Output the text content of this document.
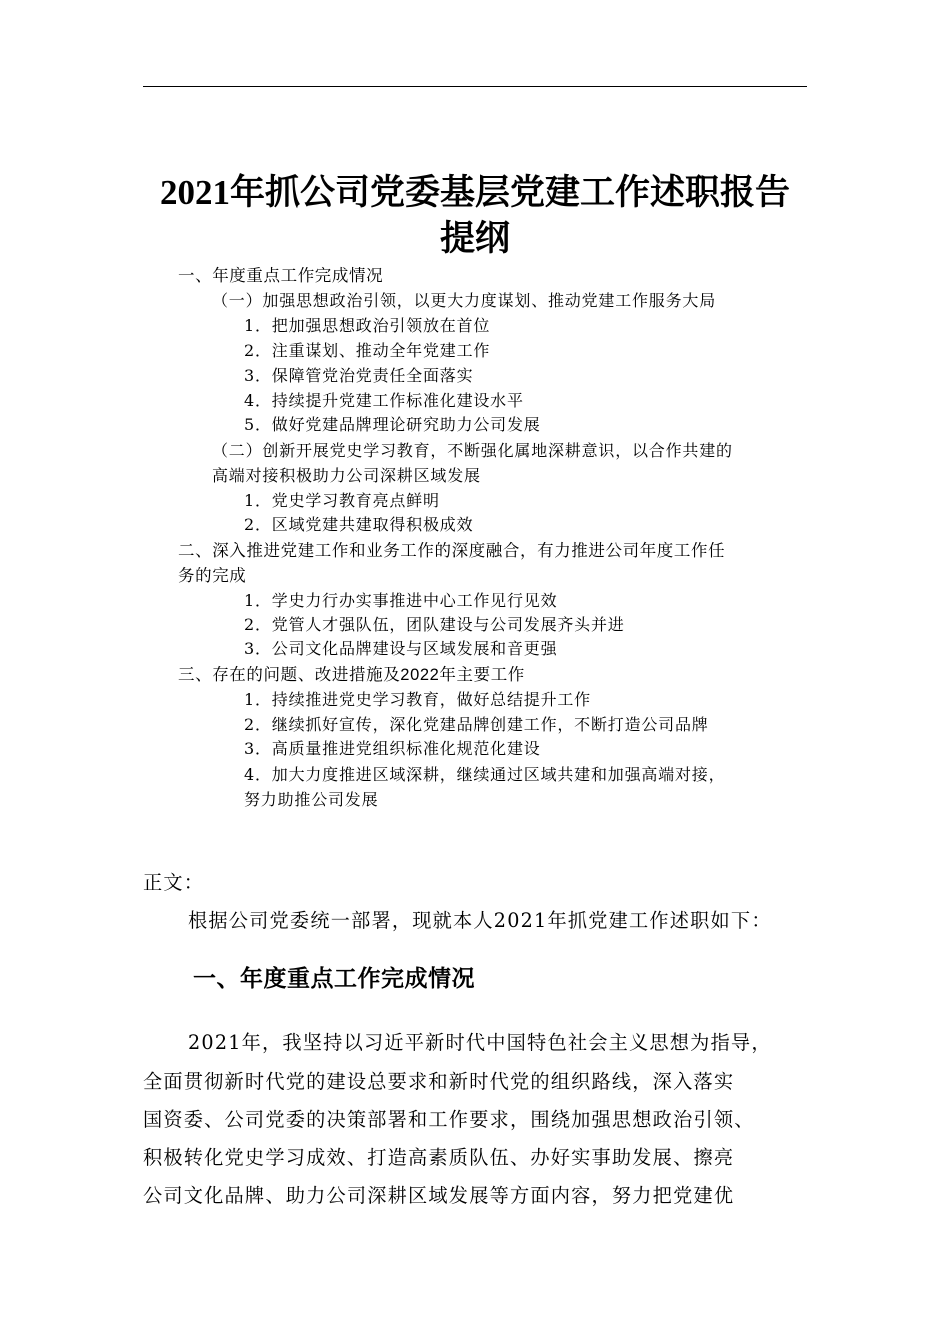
2021年抓公司党委基层党建工作述职报告
提纲
一、年度重点工作完成情况
（一）加强思想政治引领，以更大力度谋划、推动党建工作服务大局
1．把加强思想政治引领放在首位
2．注重谋划、推动全年党建工作
3．保障管党治党责任全面落实
4．持续提升党建工作标准化建设水平
5．做好党建品牌理论研究助力公司发展
（二）创新开展党史学习教育，不断强化属地深耕意识，以合作共建的
高端对接积极助力公司深耕区域发展
1．党史学习教育亮点鲜明
2．区域党建共建取得积极成效
二、深入推进党建工作和业务工作的深度融合，有力推进公司年度工作任
务的完成
1．学史力行办实事推进中心工作见行见效
2．党管人才强队伍，团队建设与公司发展齐头并进
3．公司文化品牌建设与区域发展和音更强
三、存在的问题、改进措施及2022年主要工作
1．持续推进党史学习教育，做好总结提升工作
2．继续抓好宣传，深化党建品牌创建工作，不断打造公司品牌
3．高质量推进党组织标准化规范化建设
4．加大力度推进区域深耕，继续通过区域共建和加强高端对接，
努力助推公司发展
正文：
根据公司党委统一部署，现就本人2021年抓党建工作述职如下：
一、年度重点工作完成情况
2021年，我坚持以习近平新时代中国特色社会主义思想为指导，
全面贯彻新时代党的建设总要求和新时代党的组织路线，深入落实
国资委、公司党委的决策部署和工作要求，围绕加强思想政治引领、
积极转化党史学习成效、打造高素质队伍、办好实事助发展、擦亮
公司文化品牌、助力公司深耕区域发展等方面内容，努力把党建优
